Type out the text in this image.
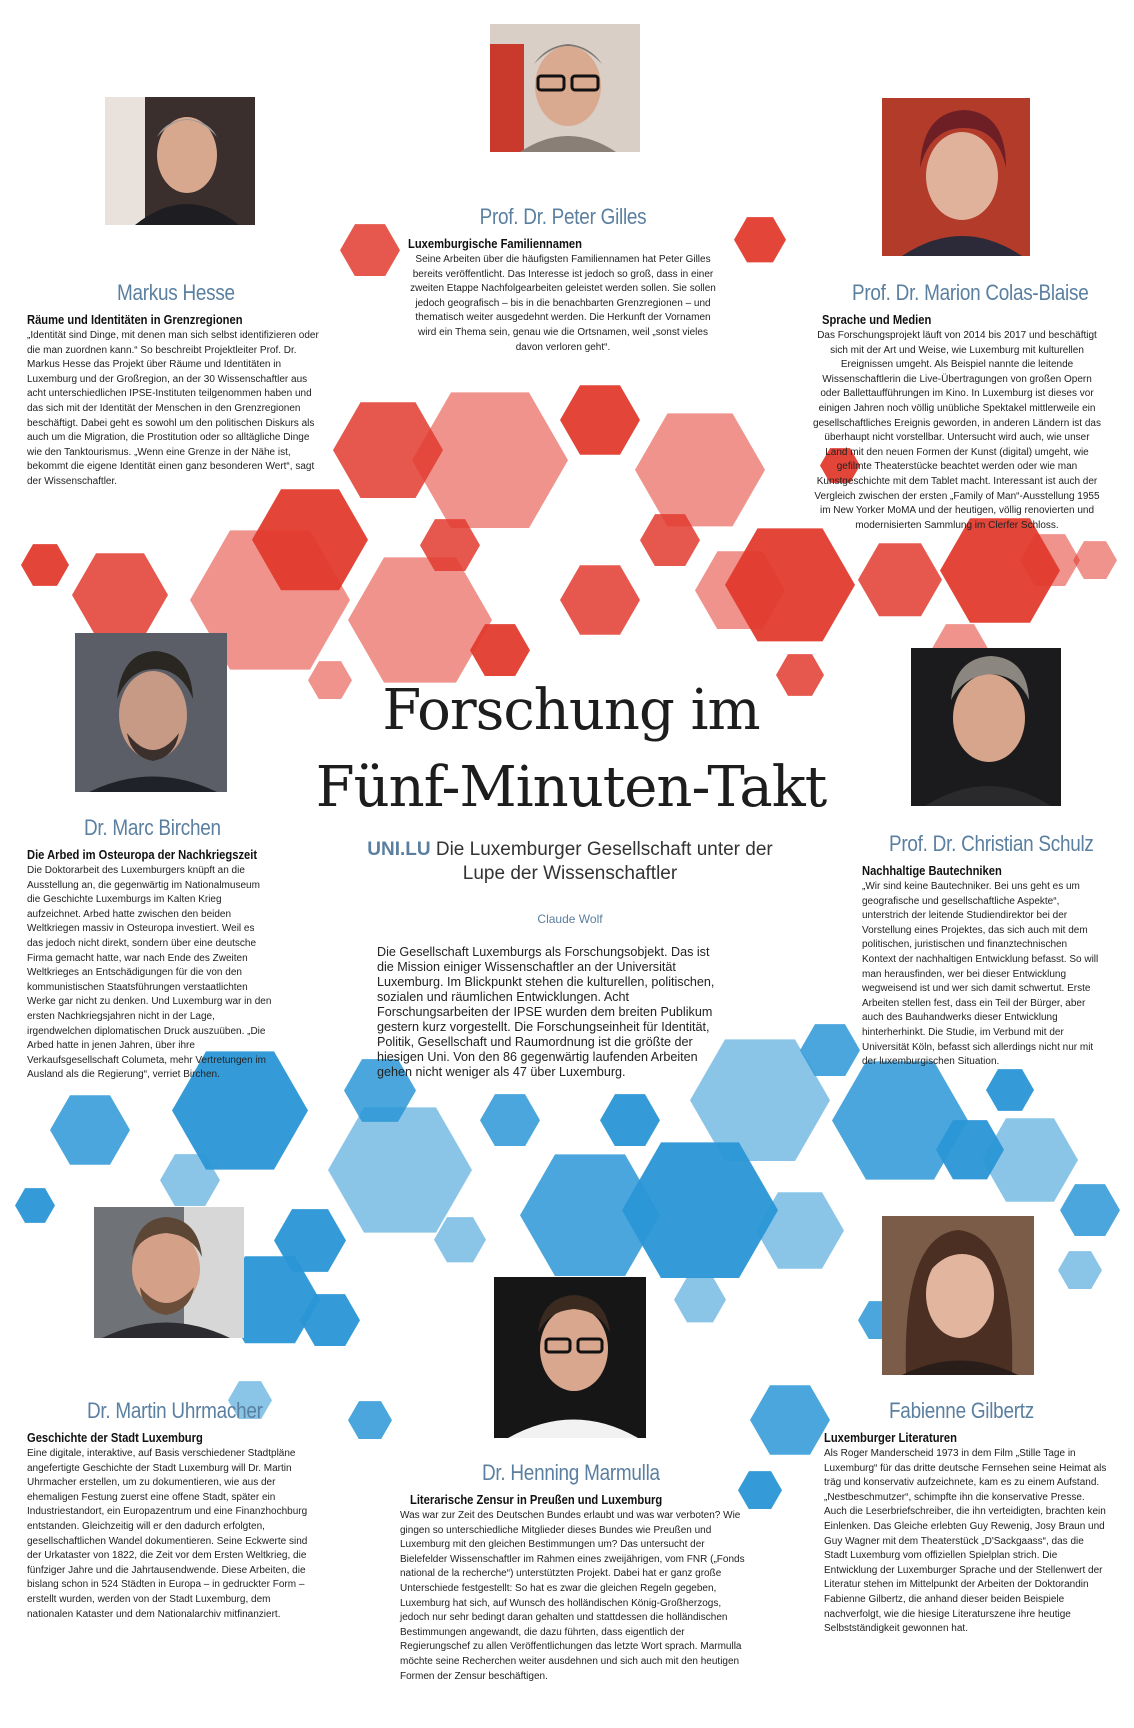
Markus Hesse
Räume und Identitäten in Grenzregionen
„Identität sind Dinge, mit denen man sich selbst identifizieren oder die man zuordnen kann.“ So beschreibt Projektleiter Prof. Dr. Markus Hesse das Projekt über Räume und Identitäten in Luxemburg und der Großregion, an der 30 Wissenschaftler aus acht unterschiedlichen IPSE-Instituten teilgenommen haben und das sich mit der Identität der Menschen in den Grenzregionen beschäftigt. Dabei geht es sowohl um den politischen Diskurs als auch um die Migration, die Prostitution oder so alltägliche Dinge wie den Tanktourismus. „Wenn eine Grenze in der Nähe ist, bekommt die eigene Identität einen ganz besonderen Wert“, sagt der Wissenschaftler.
Prof. Dr. Peter Gilles
Luxemburgische Familiennamen
Seine Arbeiten über die häufigsten Familiennamen hat Peter Gilles bereits veröffentlicht. Das Interesse ist jedoch so groß, dass in einer zweiten Etappe Nachfolgearbeiten geleistet werden sollen. Sie sollen jedoch geografisch – bis in die benachbarten Grenzregionen – und thematisch weiter ausgedehnt werden. Die Herkunft der Vornamen wird ein Thema sein, genau wie die Ortsnamen, weil „sonst vieles davon verloren geht“.
Prof. Dr. Marion Colas-Blaise
Sprache und Medien
Das Forschungsprojekt läuft von 2014 bis 2017 und beschäftigt sich mit der Art und Weise, wie Luxemburg mit kulturellen Ereignissen umgeht. Als Beispiel nannte die leitende Wissenschaftlerin die Live-Übertragungen von großen Opern oder Ballettaufführungen im Kino. In Luxemburg ist dieses vor einigen Jahren noch völlig unübliche Spektakel mittlerweile ein gesellschaftliches Ereignis geworden, in anderen Ländern ist das überhaupt nicht vorstellbar. Untersucht wird auch, wie unser Land mit den neuen Formen der Kunst (digital) umgeht, wie gefilmte Theaterstücke beachtet werden oder wie man Kunstgeschichte mit dem Tablet macht. Interessant ist auch der Vergleich zwischen der ersten „Family of Man“-Ausstellung 1955 im New Yorker MoMA und der heutigen, völlig renovierten und modernisierten Sammlung im Clerfer Schloss.
Dr. Marc Birchen
Die Arbed im Osteuropa der Nachkriegszeit
Die Doktorarbeit des Luxemburgers knüpft an die Ausstellung an, die gegenwärtig im Nationalmuseum die Geschichte Luxemburgs im Kalten Krieg aufzeichnet. Arbed hatte zwischen den beiden Weltkriegen massiv in Osteuropa investiert. Weil es das jedoch nicht direkt, sondern über eine deutsche Firma gemacht hatte, war nach Ende des Zweiten Weltkrieges an Entschädigungen für die von den kommunistischen Staatsführungen verstaatlichten Werke gar nicht zu denken. Und Luxemburg war in den ersten Nachkriegsjahren nicht in der Lage, irgendwelchen diplomatischen Druck auszuüben. „Die Arbed hatte in jenen Jahren, über ihre Verkaufsgesellschaft Columeta, mehr Vertretungen im Ausland als die Regierung“, verriet Birchen.
Prof. Dr. Christian Schulz
Nachhaltige Bautechniken
„Wir sind keine Bautechniker. Bei uns geht es um geografische und gesellschaftliche Aspekte“, unterstrich der leitende Studiendirektor bei der Vorstellung eines Projektes, das sich auch mit dem politischen, juristischen und finanztechnischen Kontext der nachhaltigen Entwicklung befasst. So will man herausfinden, wer bei dieser Entwicklung wegweisend ist und wer sich damit schwertut. Erste Arbeiten stellen fest, dass ein Teil der Bürger, aber auch des Bauhandwerks dieser Entwicklung hinterherhinkt. Die Studie, im Verbund mit der Universität Köln, befasst sich allerdings nicht nur mit der luxemburgischen Situation.
Dr. Martin Uhrmacher
Geschichte der Stadt Luxemburg
Eine digitale, interaktive, auf Basis verschiedener Stadtpläne angefertigte Geschichte der Stadt Luxemburg will Dr. Martin Uhrmacher erstellen, um zu dokumentieren, wie aus der ehemaligen Festung zuerst eine offene Stadt, später ein Industriestandort, ein Europazentrum und eine Finanzhochburg entstanden. Gleichzeitig will er den dadurch erfolgten, gesellschaftlichen Wandel dokumentieren. Seine Eckwerte sind der Urkataster von 1822, die Zeit vor dem Ersten Weltkrieg, die fünfziger Jahre und die Jahrtausendwende. Diese Arbeiten, die bislang schon in 524 Städten in Europa – in gedruckter Form – erstellt wurden, werden von der Stadt Luxemburg, dem nationalen Kataster und dem Nationalarchiv mitfinanziert.
Dr. Henning Marmulla
Literarische Zensur in Preußen und Luxemburg
Was war zur Zeit des Deutschen Bundes erlaubt und was war verboten? Wie gingen so unterschiedliche Mitglieder dieses Bundes wie Preußen und Luxemburg mit den gleichen Bestimmungen um? Das untersucht der Bielefelder Wissenschaftler im Rahmen eines zweijährigen, vom FNR („Fonds national de la recherche“) unterstützten Projekt. Dabei hat er ganz große Unterschiede festgestellt: So hat es zwar die gleichen Regeln gegeben, Luxemburg hat sich, auf Wunsch des holländischen König-Großherzogs, jedoch nur sehr bedingt daran gehalten und stattdessen die holländischen Bestimmungen angewandt, die dazu führten, dass eigentlich der Regierungschef zu allen Veröffentlichungen das letzte Wort sprach. Marmulla möchte seine Recherchen weiter ausdehnen und sich auch mit den heutigen Formen der Zensur beschäftigen.
Fabienne Gilbertz
Luxemburger Literaturen
Als Roger Manderscheid 1973 in dem Film „Stille Tage in Luxemburg“ für das dritte deutsche Fernsehen seine Heimat als träg und konservativ aufzeichnete, kam es zu einem Aufstand. „Nestbeschmutzer“, schimpfte ihn die konservative Presse. Auch die Leserbriefschreiber, die ihn verteidigten, brachten kein Einlenken. Das Gleiche erlebten Guy Rewenig, Josy Braun und Guy Wagner mit dem Theaterstück „D'Sackgaass“, das die Stadt Luxemburg vom offiziellen Spielplan strich. Die Entwicklung der Luxemburger Sprache und der Stellenwert der Literatur stehen im Mittelpunkt der Arbeiten der Doktorandin Fabienne Gilbertz, die anhand dieser beiden Beispiele nachverfolgt, wie die hiesige Literaturszene ihre heutige Selbstständigkeit gewonnen hat.
Forschung im
Fünf-Minuten-Takt
UNI.LU Die Luxemburger Gesellschaft unter der Lupe der Wissenschaftler
Claude Wolf
Die Gesellschaft Luxemburgs als Forschungsobjekt. Das ist die Mission einiger Wissenschaftler an der Universität Luxemburg. Im Blickpunkt stehen die kulturellen, politischen, sozialen und räumlichen Entwicklungen. Acht Forschungsarbeiten der IPSE wurden dem breiten Publikum gestern kurz vorgestellt. Die Forschungseinheit für Identität, Politik, Gesellschaft und Raumordnung ist die größte der hiesigen Uni. Von den 86 gegenwärtig laufenden Arbeiten gehen nicht weniger als 47 über Luxemburg.
